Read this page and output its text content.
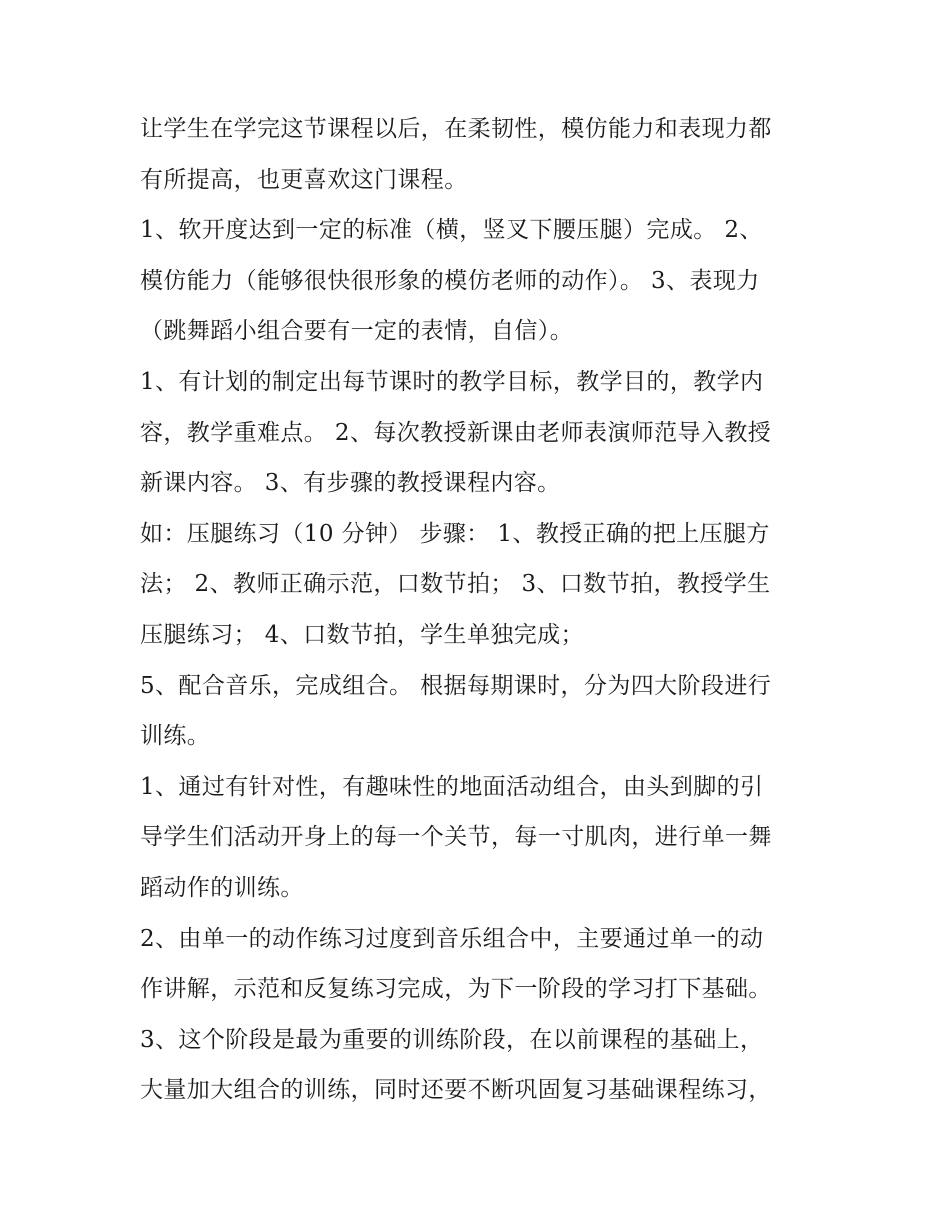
让学生在学完这节课程以后，在柔韧性，模仿能力和表现力都
有所提高，也更喜欢这门课程。
1、软开度达到一定的标准（横，竖叉下腰压腿）完成。 2、
模仿能力（能够很快很形象的模仿老师的动作）。 3、表现力
（跳舞蹈小组合要有一定的表情，自信）。
1、有计划的制定出每节课时的教学目标，教学目的，教学内
容，教学重难点。 2、每次教授新课由老师表演师范导入教授
新课内容。 3、有步骤的教授课程内容。
如：压腿练习（10 分钟） 步骤： 1、教授正确的把上压腿方
法； 2、教师正确示范，口数节拍； 3、口数节拍，教授学生
压腿练习； 4、口数节拍，学生单独完成；
5、配合音乐，完成组合。 根据每期课时，分为四大阶段进行
训练。
1、通过有针对性，有趣味性的地面活动组合，由头到脚的引
导学生们活动开身上的每一个关节，每一寸肌肉，进行单一舞
蹈动作的训练。
2、由单一的动作练习过度到音乐组合中，主要通过单一的动
作讲解，示范和反复练习完成，为下一阶段的学习打下基础。
3、这个阶段是最为重要的训练阶段，在以前课程的基础上，
大量加大组合的训练，同时还要不断巩固复习基础课程练习，
